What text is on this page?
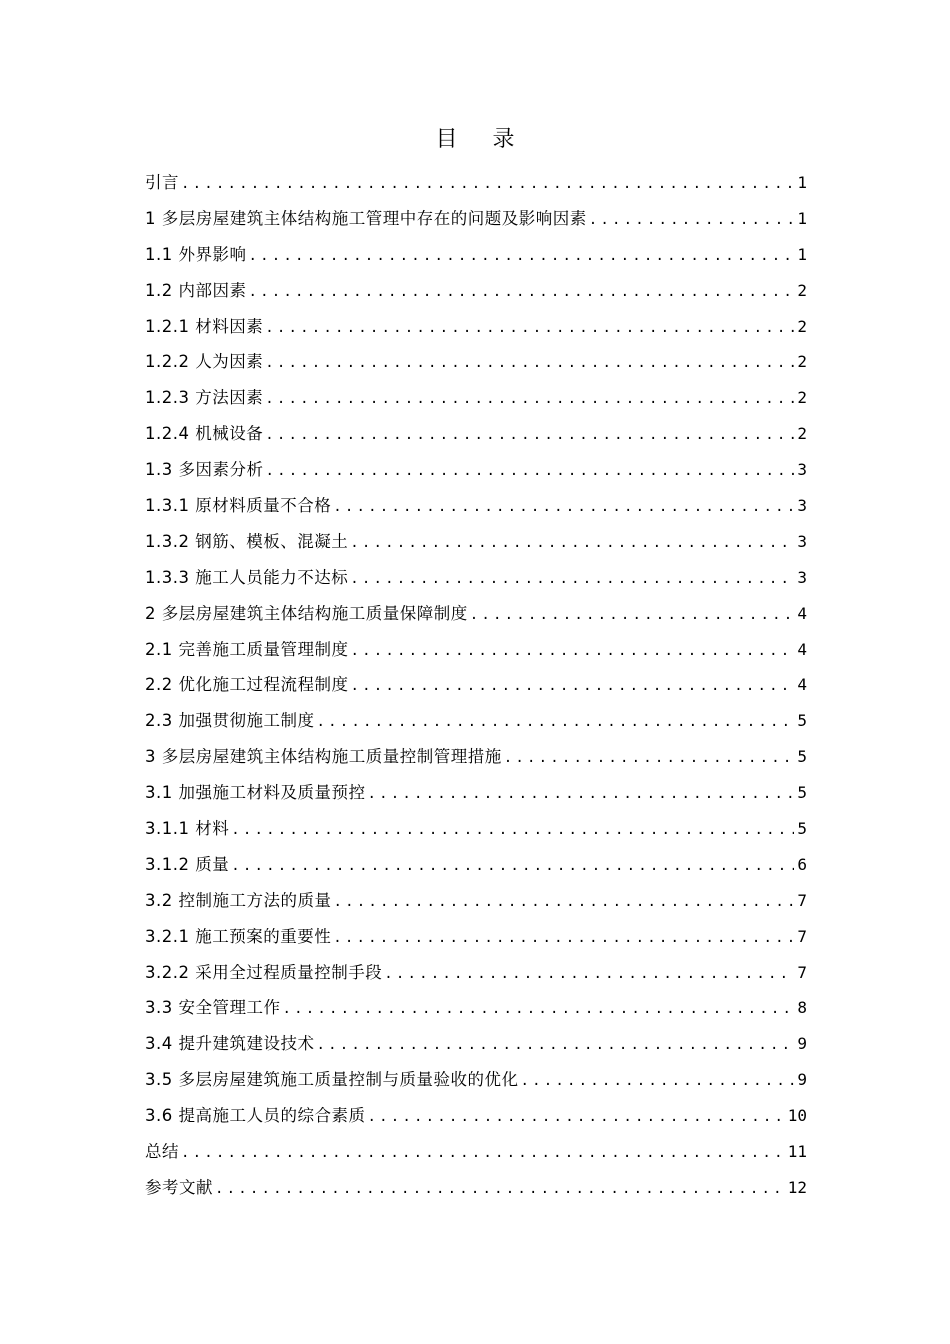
目 录
引言 .....	1
1 多层房屋建筑主体结构施工管理中存在的问题及影响因素 .....	1
1.1 外界影响 .....	1
1.2 内部因素 .....	2
1.2.1 材料因素 .....	2
1.2.2 人为因素 .....	2
1.2.3 方法因素 .....	2
1.2.4 机械设备 .....	2
1.3 多因素分析 .....	3
1.3.1 原材料质量不合格 .....	3
1.3.2 钢筋、模板、混凝土 .....	3
1.3.3 施工人员能力不达标 .....	3
2 多层房屋建筑主体结构施工质量保障制度 .....	4
2.1 完善施工质量管理制度 .....	4
2.2 优化施工过程流程制度 .....	4
2.3 加强贯彻施工制度 .....	5
3 多层房屋建筑主体结构施工质量控制管理措施 .....	5
3.1 加强施工材料及质量预控 .....	5
3.1.1 材料 .....	5
3.1.2 质量 .....	6
3.2 控制施工方法的质量 .....	7
3.2.1 施工预案的重要性 .....	7
3.2.2 采用全过程质量控制手段 .....	7
3.3 安全管理工作 .....	8
3.4 提升建筑建设技术 .....	9
3.5 多层房屋建筑施工质量控制与质量验收的优化 .....	9
3.6 提高施工人员的综合素质 .....	10
总结 .....	11
参考文献 .....	12
